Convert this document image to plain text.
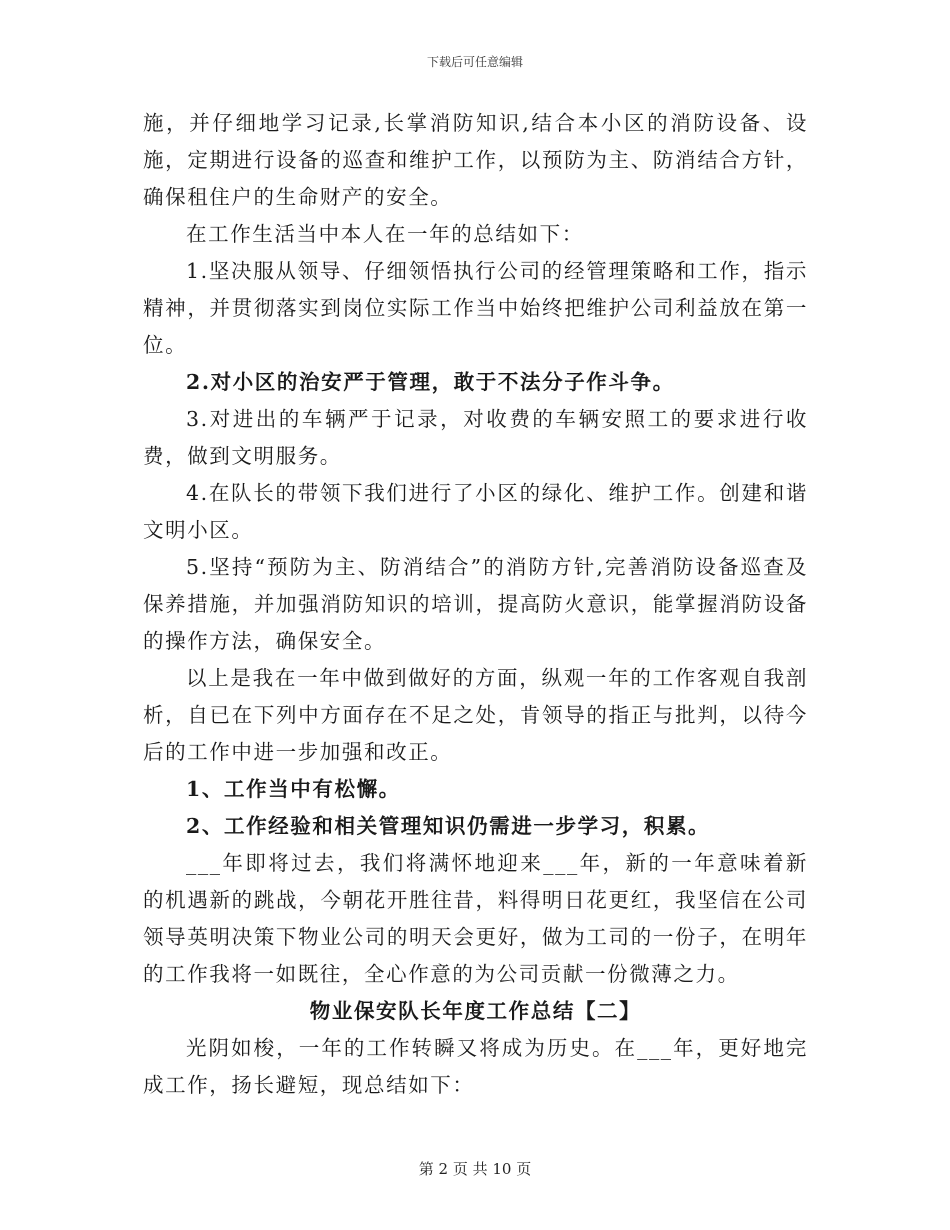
下载后可任意编辑

施，并仔细地学习记录,长掌消防知识,结合本小区的消防设备、设施，定期进行设备的巡查和维护工作，以预防为主、防消结合方针，确保租住户的生命财产的安全。

在工作生活当中本人在一年的总结如下：

1.坚决服从领导、仔细领悟执行公司的经管理策略和工作，指示精神，并贯彻落实到岗位实际工作当中始终把维护公司利益放在第一位。

2.对小区的治安严于管理，敢于不法分子作斗争。

3.对进出的车辆严于记录，对收费的车辆安照工的要求进行收费，做到文明服务。

4.在队长的带领下我们进行了小区的绿化、维护工作。创建和谐文明小区。

5.坚持“预防为主、防消结合”的消防方针,完善消防设备巡查及保养措施，并加强消防知识的培训，提高防火意识，能掌握消防设备的操作方法，确保安全。

以上是我在一年中做到做好的方面，纵观一年的工作客观自我剖析，自已在下列中方面存在不足之处，肯领导的指正与批判，以待今后的工作中进一步加强和改正。

1、工作当中有松懈。

2、工作经验和相关管理知识仍需进一步学习，积累。

___年即将过去，我们将满怀地迎来___年，新的一年意味着新的机遇新的跳战，今朝花开胜往昔，料得明日花更红，我坚信在公司领导英明决策下物业公司的明天会更好，做为工司的一份子，在明年的工作我将一如既往，全心作意的为公司贡献一份微薄之力。

物业保安队长年度工作总结【二】

光阴如梭，一年的工作转瞬又将成为历史。在___年，更好地完成工作，扬长避短，现总结如下：

第 2 页 共 10 页
